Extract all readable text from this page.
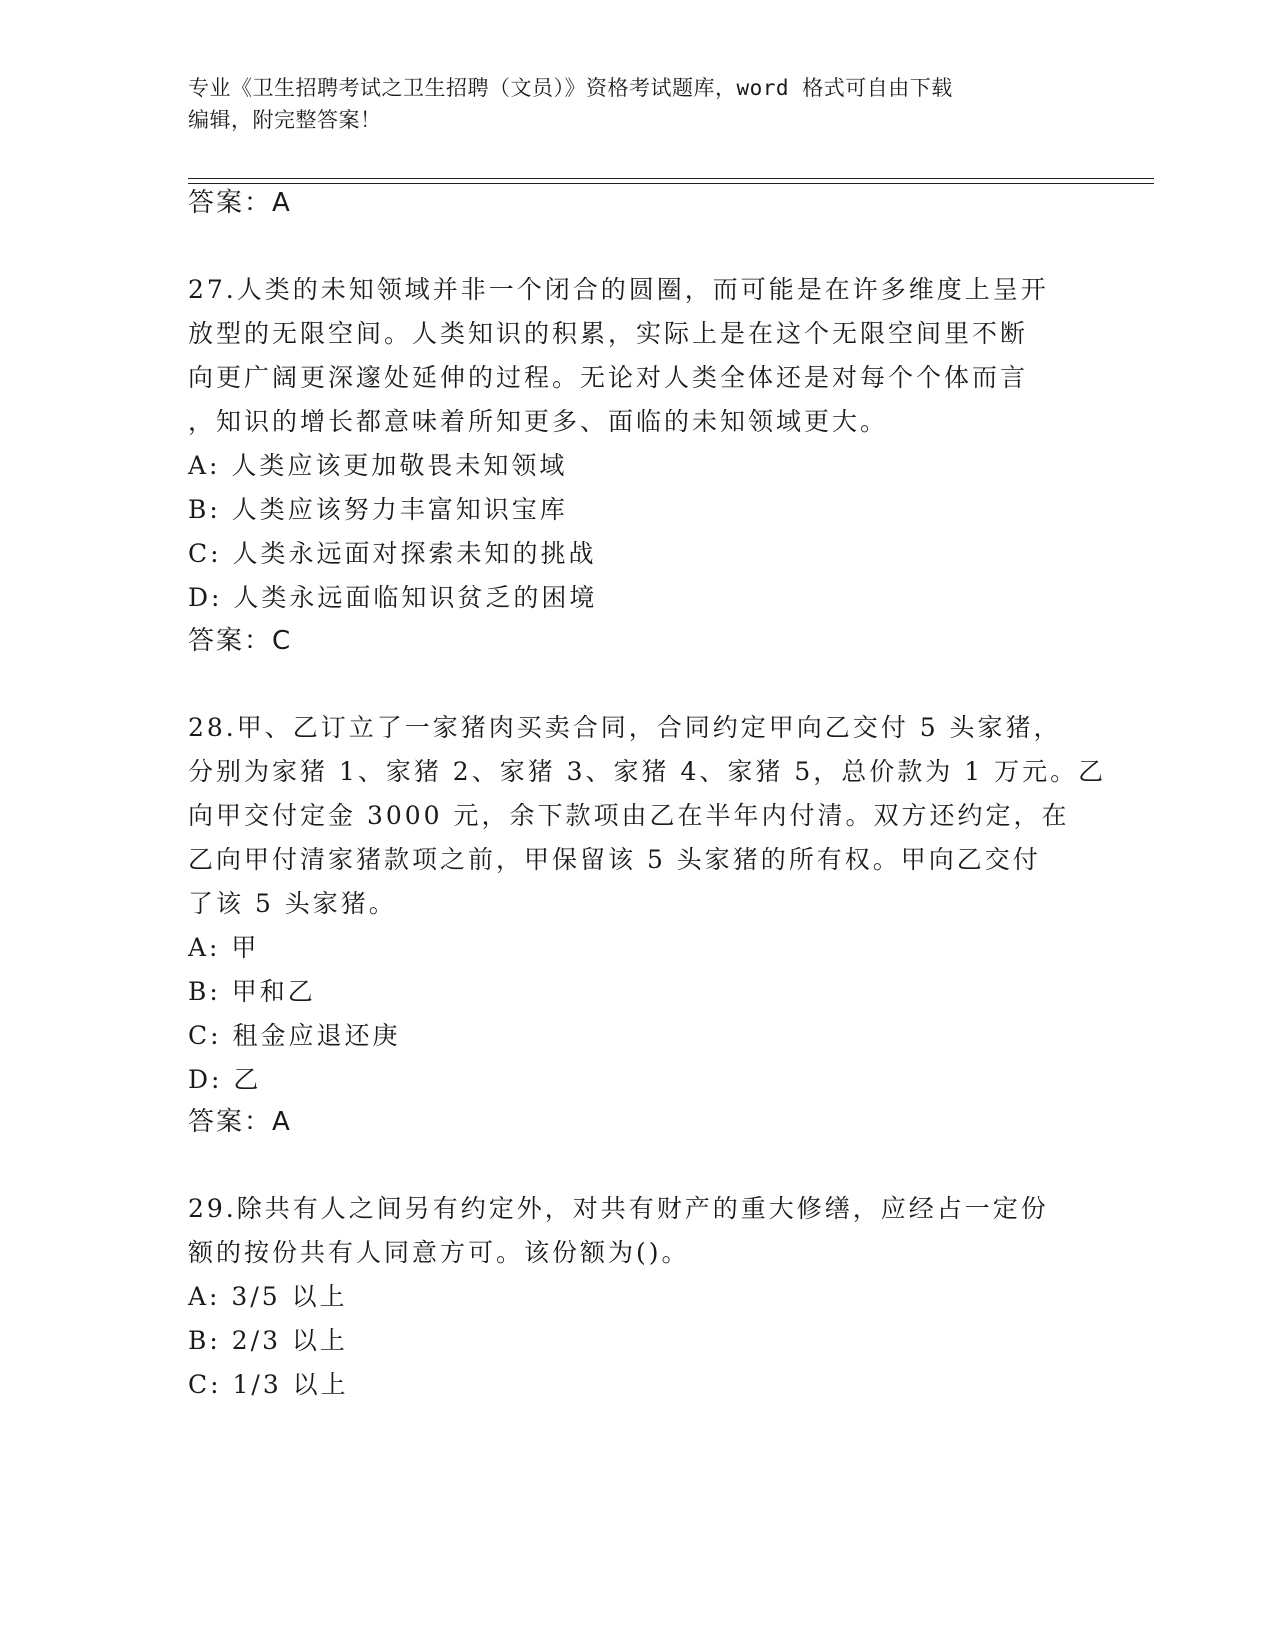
专业《卫生招聘考试之卫生招聘（文员）》资格考试题库，word 格式可自由下载
编辑，附完整答案！
答案：A
27.人类的未知领域并非一个闭合的圆圈，而可能是在许多维度上呈开
放型的无限空间。人类知识的积累，实际上是在这个无限空间里不断
向更广阔更深邃处延伸的过程。无论对人类全体还是对每个个体而言
，知识的增长都意味着所知更多、面临的未知领域更大。
A: 人类应该更加敬畏未知领域
B: 人类应该努力丰富知识宝库
C: 人类永远面对探索未知的挑战
D: 人类永远面临知识贫乏的困境
答案：C
28.甲、乙订立了一家猪肉买卖合同，合同约定甲向乙交付 5 头家猪，
分别为家猪 1、家猪 2、家猪 3、家猪 4、家猪 5，总价款为 1 万元。乙
向甲交付定金 3000 元，余下款项由乙在半年内付清。双方还约定，在
乙向甲付清家猪款项之前，甲保留该 5 头家猪的所有权。甲向乙交付
了该 5 头家猪。
A: 甲
B: 甲和乙
C: 租金应退还庚
D: 乙
答案：A
29.除共有人之间另有约定外，对共有财产的重大修缮，应经占一定份
额的按份共有人同意方可。该份额为()。
A: 3/5 以上
B: 2/3 以上
C: 1/3 以上
